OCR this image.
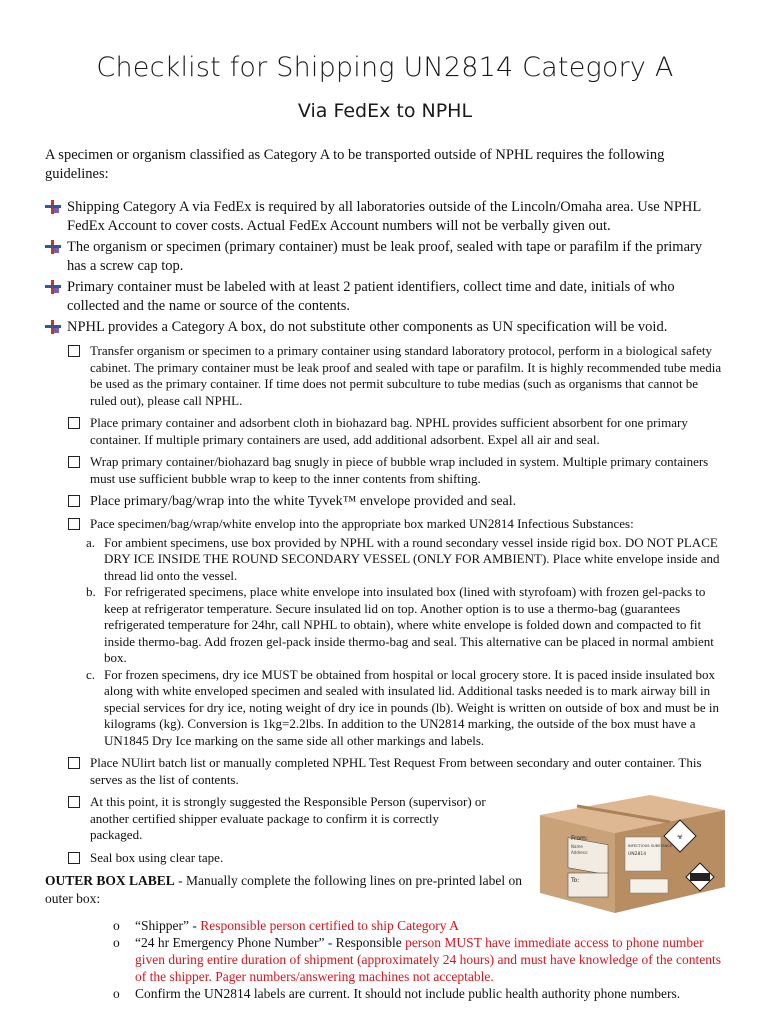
Checklist for Shipping UN2814 Category A
Via FedEx to NPHL
A specimen or organism classified as Category A to be transported outside of NPHL requires the following guidelines:
Shipping Category A via FedEx is required by all laboratories outside of the Lincoln/Omaha area. Use NPHL FedEx Account to cover costs. Actual FedEx Account numbers will not be verbally given out.
The organism or specimen (primary container) must be leak proof, sealed with tape or parafilm if the primary has a screw cap top.
Primary container must be labeled with at least 2 patient identifiers, collect time and date, initials of who collected and the name or source of the contents.
NPHL provides a Category A box, do not substitute other components as UN specification will be void.
Transfer organism or specimen to a primary container using standard laboratory protocol, perform in a biological safety cabinet. The primary container must be leak proof and sealed with tape or parafilm. It is highly recommended tube media be used as the primary container. If time does not permit subculture to tube medias (such as organisms that cannot be ruled out), please call NPHL.
Place primary container and adsorbent cloth in biohazard bag. NPHL provides sufficient absorbent for one primary container. If multiple primary containers are used, add additional adsorbent. Expel all air and seal.
Wrap primary container/biohazard bag snugly in piece of bubble wrap included in system. Multiple primary containers must use sufficient bubble wrap to keep to the inner contents from shifting.
Place primary/bag/wrap into the white Tyvek™ envelope provided and seal.
Pace specimen/bag/wrap/white envelop into the appropriate box marked UN2814 Infectious Substances:
a. For ambient specimens, use box provided by NPHL with a round secondary vessel inside rigid box. DO NOT PLACE DRY ICE INSIDE THE ROUND SECONDARY VESSEL (ONLY FOR AMBIENT). Place white envelope inside and thread lid onto the vessel.
b. For refrigerated specimens, place white envelope into insulated box (lined with styrofoam) with frozen gel-packs to keep at refrigerator temperature. Secure insulated lid on top. Another option is to use a thermo-bag (guarantees refrigerated temperature for 24hr, call NPHL to obtain), where white envelope is folded down and compacted to fit inside thermo-bag. Add frozen gel-pack inside thermo-bag and seal. This alternative can be placed in normal ambient box.
c. For frozen specimens, dry ice MUST be obtained from hospital or local grocery store. It is paced inside insulated box along with white enveloped specimen and sealed with insulated lid. Additional tasks needed is to mark airway bill in special services for dry ice, noting weight of dry ice in pounds (lb). Weight is written on outside of box and must be in kilograms (kg). Conversion is 1kg=2.2lbs. In addition to the UN2814 marking, the outside of the box must have a UN1845 Dry Ice marking on the same side all other markings and labels.
Place NUlirt batch list or manually completed NPHL Test Request From between secondary and outer container. This serves as the list of contents.
At this point, it is strongly suggested the Responsible Person (supervisor) or another certified shipper evaluate package to confirm it is correctly packaged.
Seal box using clear tape.
From:
Name
Address:
To:
☣
INFECTIOUS SUBSTANCE
UN2814
OUTER BOX LABEL - Manually complete the following lines on pre-printed label on outer box:
o “Shipper” - Responsible person certified to ship Category A
o “24 hr Emergency Phone Number” - Responsible person MUST have immediate access to phone number given during entire duration of shipment (approximately 24 hours) and must have knowledge of the contents of the shipper. Pager numbers/answering machines not acceptable.
o Confirm the UN2814 labels are current. It should not include public health authority phone numbers.
